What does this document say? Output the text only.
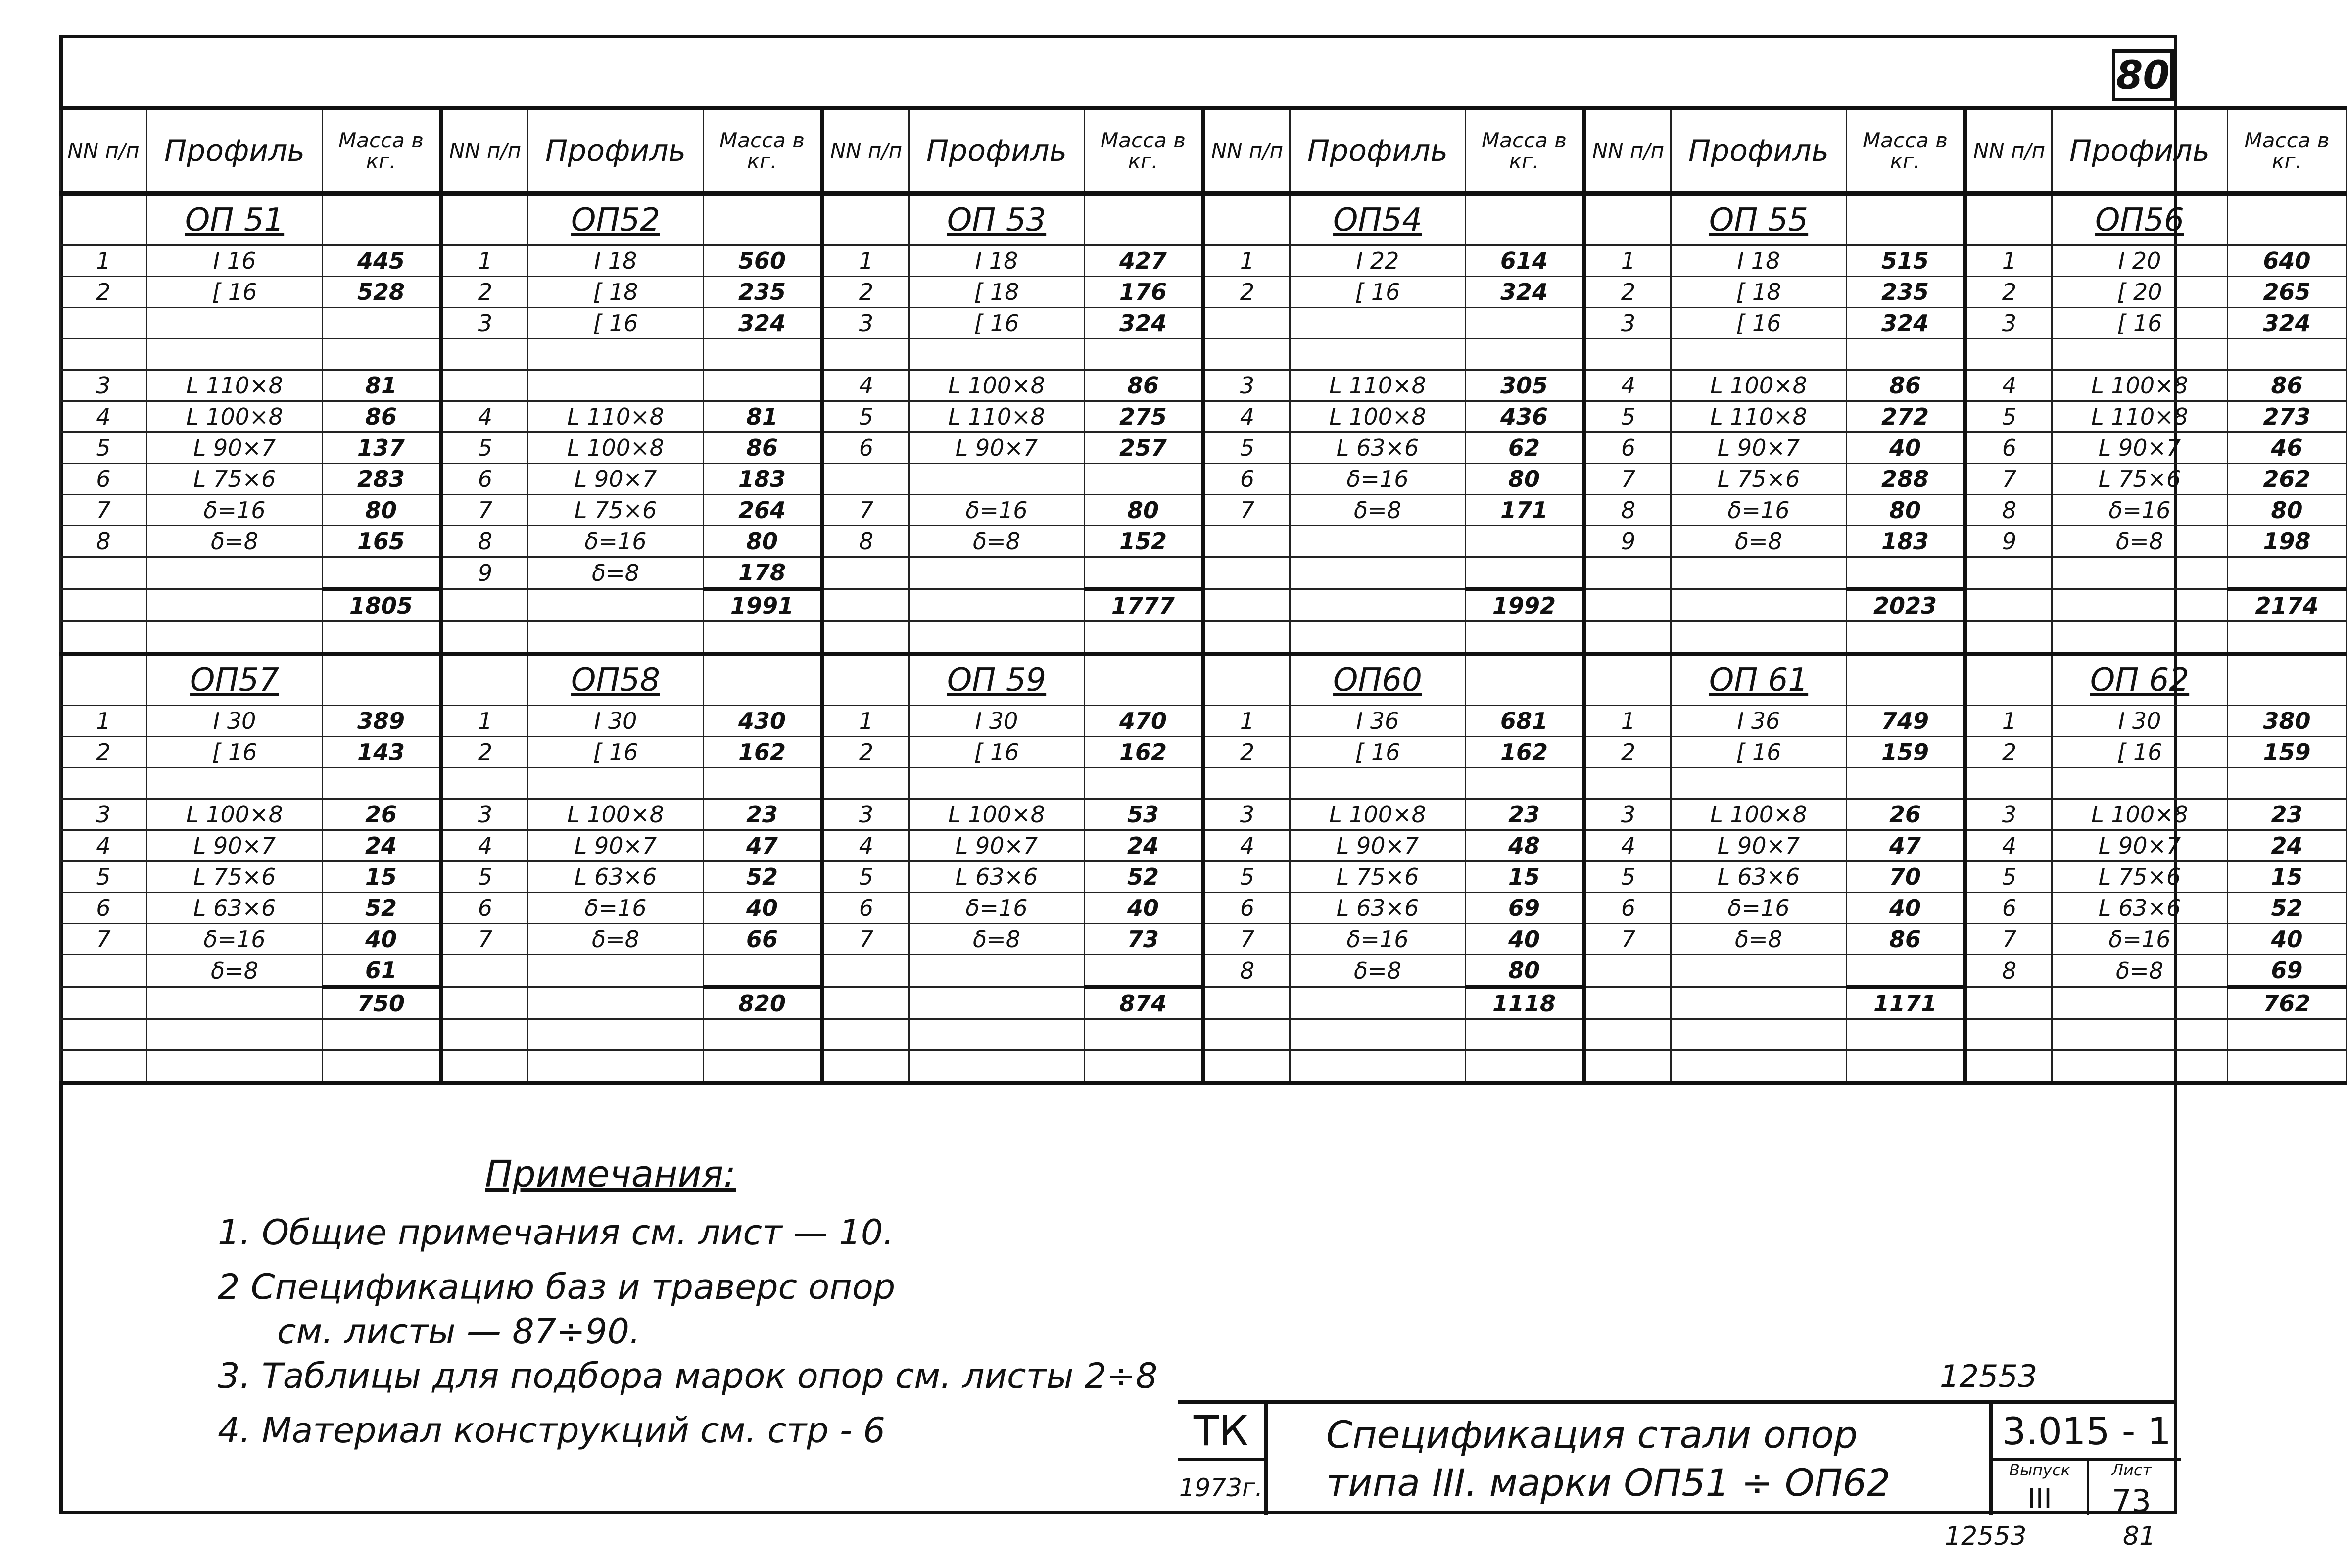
80
NN п/п	Профиль	Масса в кг.	NN п/п	Профиль	Масса в кг.	NN п/п	Профиль	Масса в кг.	NN п/п	Профиль	Масса в кг.	NN п/п	Профиль	Масса в кг.	NN п/п	Профиль	Масса в кг.
	ОП 51			ОП52			ОП 53			ОП54			ОП 55			ОП56	
1	I 16	445	1	I 18	560	1	I 18	427	1	I 22	614	1	I 18	515	1	I 20	640
2	[ 16	528	2	[ 18	235	2	[ 18	176	2	[ 16	324	2	[ 18	235	2	[ 20	265
			3	[ 16	324	3	[ 16	324				3	[ 16	324	3	[ 16	324

3	L 110×8	81				4	L 100×8	86	3	L 110×8	305	4	L 100×8	86	4	L 100×8	86
4	L 100×8	86	4	L 110×8	81	5	L 110×8	275	4	L 100×8	436	5	L 110×8	272	5	L 110×8	273
5	L 90×7	137	5	L 100×8	86	6	L 90×7	257	5	L 63×6	62	6	L 90×7	40	6	L 90×7	46
6	L 75×6	283	6	L 90×7	183				6	δ=16	80	7	L 75×6	288	7	L 75×6	262
7	δ=16	80	7	L 75×6	264	7	δ=16	80	7	δ=8	171	8	δ=16	80	8	δ=16	80
8	δ=8	165	8	δ=16	80	8	δ=8	152				9	δ=8	183	9	δ=8	198
			9	δ=8	178												
		1805			1991			1777			1992			2023			2174

	ОП57			ОП58			ОП 59			ОП60			ОП 61			ОП 62	
1	I 30	389	1	I 30	430	1	I 30	470	1	I 36	681	1	I 36	749	1	I 30	380
2	[ 16	143	2	[ 16	162	2	[ 16	162	2	[ 16	162	2	[ 16	159	2	[ 16	159

3	L 100×8	26	3	L 100×8	23	3	L 100×8	53	3	L 100×8	23	3	L 100×8	26	3	L 100×8	23
4	L 90×7	24	4	L 90×7	47	4	L 90×7	24	4	L 90×7	48	4	L 90×7	47	4	L 90×7	24
5	L 75×6	15	5	L 63×6	52	5	L 63×6	52	5	L 75×6	15	5	L 63×6	70	5	L 75×6	15
6	L 63×6	52	6	δ=16	40	6	δ=16	40	6	L 63×6	69	6	δ=16	40	6	L 63×6	52
7	δ=16	40	7	δ=8	66	7	δ=8	73	7	δ=16	40	7	δ=8	86	7	δ=16	40
	δ=8	61							8	δ=8	80				8	δ=8	69
		750			820			874			1118			1171			762

Примечания:
1. Общие примечания см. лист — 10.
2 Спецификацию баз и траверс опор
см. листы — 87÷90.
3. Таблицы для подбора марок опор см. листы 2÷8
4. Материал конструкций см. стр - 6
12553
ТК
1973г.
Спецификация стали опор
типа III. марки ОП51 ÷ ОП62
3.015 - 1
Выпуск	Лист
III	73
12553	81
